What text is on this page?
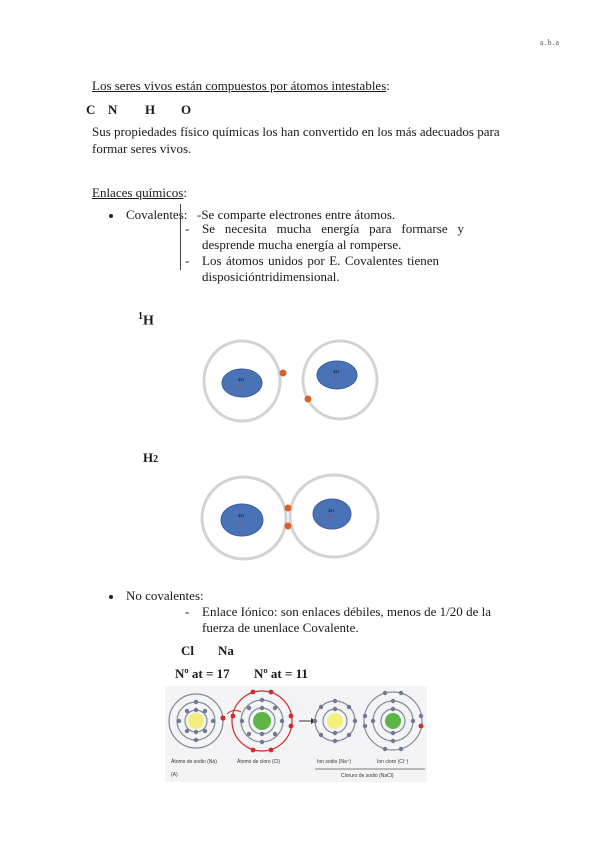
a.b.a
Los seres vivos están compuestos por átomos intestables:
C N H O
Sus propiedades físico químicas los han convertido en los más adecuados para
formar seres vivos.
Enlaces químicos:
Covalentes: -Se comparte electrones entre átomos.
- Se necesita mucha energía para formarse y
desprende mucha energía al romperse.
- Los átomos unidos por E. Covalentes tienen
disposicióntridimensional.
$^1$H
1H
1e-
1H
1e-
H2
1H
1e-
1H
1e-
No covalentes:
- Enlace Iónico: son enlaces débiles, menos de 1/20 de la
fuerza de unenlace Covalente.
Cl Na
Nº at = 17 Nº at = 11
Átomo de sodio (Na)	Átomo de cloro (Cl)	Ion sodio (Na⁺)	Ion cloro (Cl⁻)
Cloruro de sodio (NaCl)
(A)
